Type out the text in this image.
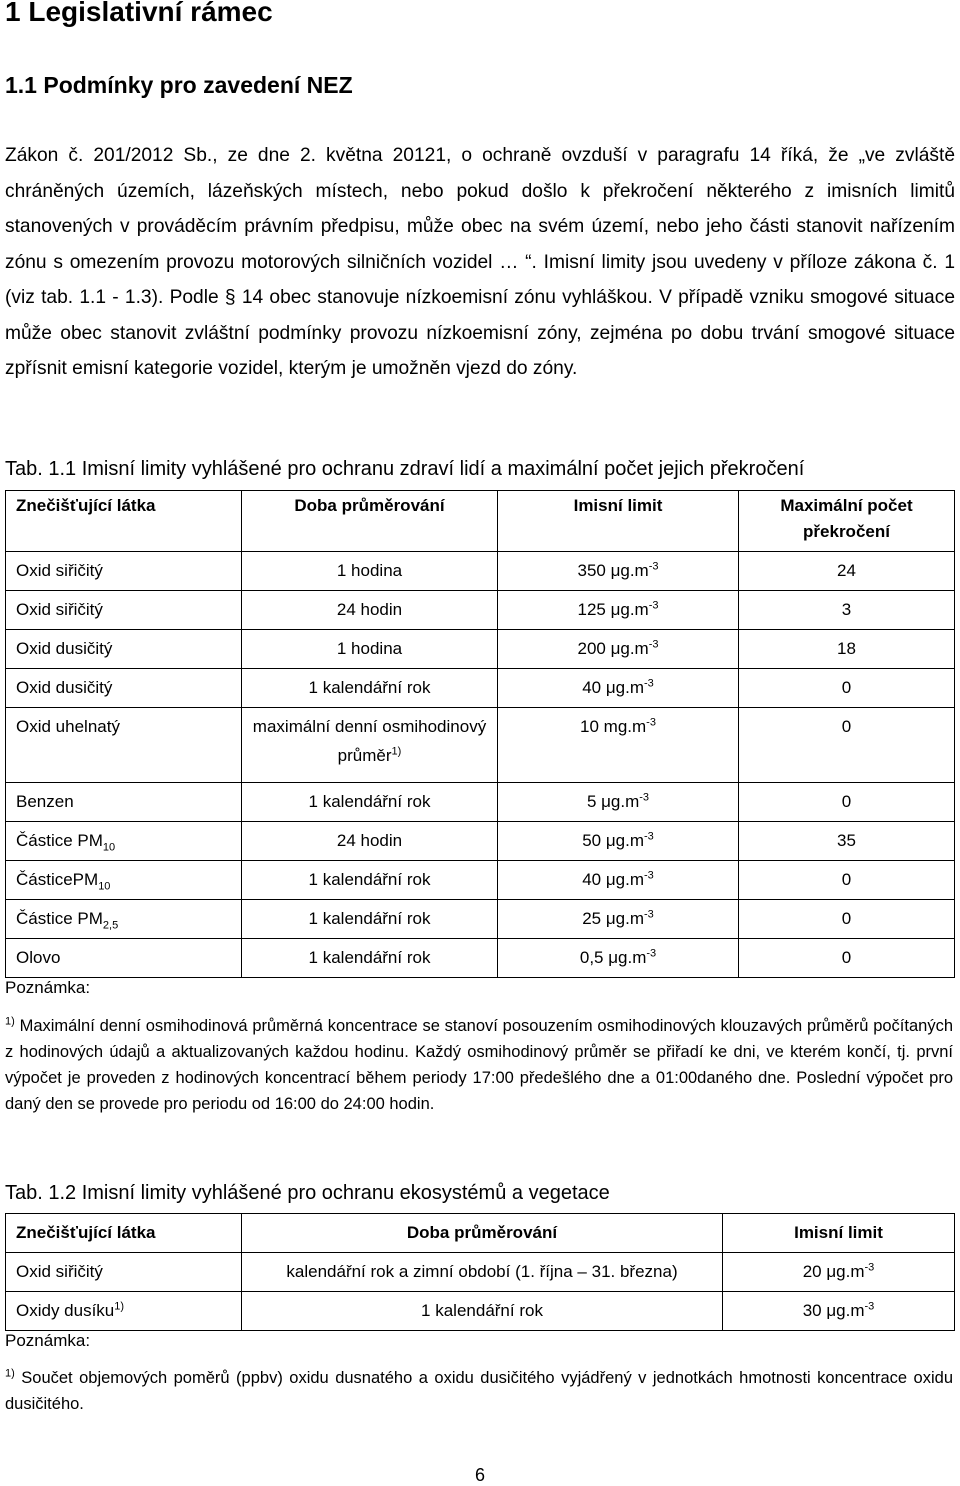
1 Legislativní rámec
1.1 Podmínky pro zavedení NEZ

Zákon č. 201/2012 Sb., ze dne 2. května 20121, o ochraně ovzduší v paragrafu 14 říká, že „ve zvláště chráněných územích, lázeňských místech, nebo pokud došlo k překročení některého z imisních limitů stanovených v prováděcím právním předpisu, může obec na svém území, nebo jeho části stanovit nařízením zónu s omezením provozu motorových silničních vozidel … “. Imisní limity jsou uvedeny v příloze zákona č. 1 (viz tab. 1.1 - 1.3). Podle § 14 obec stanovuje nízkoemisní zónu vyhláškou. V případě vzniku smogové situace může obec stanovit zvláštní podmínky provozu nízkoemisní zóny, zejména po dobu trvání smogové situace zpřísnit emisní kategorie vozidel, kterým je umožněn vjezd do zóny.

Tab. 1.1 Imisní limity vyhlášené pro ochranu zdraví lidí a maximální počet jejich překročení
Znečišťující látka	Doba průměrování	Imisní limit	Maximální počet překročení
Oxid siřičitý	1 hodina	350 $\mu g.m^{-3}$	24
Oxid siřičitý	24 hodin	125 $\mu g.m^{-3}$	3
Oxid dusičitý	1 hodina	200 $\mu g.m^{-3}$	18
Oxid dusičitý	1 kalendářní rok	40 $\mu g.m^{-3}$	0
Oxid uhelnatý	maximální denní osmihodinový průměr$^{1)}$	10 $mg.m^{-3}$	0
Benzen	1 kalendářní rok	5 $\mu g.m^{-3}$	0
Částice $PM_{10}$	24 hodin	50 $\mu g.m^{-3}$	35
ČásticePM$_{10}$	1 kalendářní rok	40 $\mu g.m^{-3}$	0
Částice $PM_{2,5}$	1 kalendářní rok	25 $\mu g.m^{-3}$	0
Olovo	1 kalendářní rok	0,5 $\mu g.m^{-3}$	0
Poznámka:
$^{1)}$ Maximální denní osmihodinová průměrná koncentrace se stanoví posouzením osmihodinových klouzavých průměrů počítaných z hodinových údajů a aktualizovaných každou hodinu. Každý osmihodinový průměr se přiřadí ke dni, ve kterém končí, tj. první výpočet je proveden z hodinových koncentrací během periody 17:00 předešlého dne a 01:00daného dne. Poslední výpočet pro daný den se provede pro periodu od 16:00 do 24:00 hodin.
Tab. 1.2 Imisní limity vyhlášené pro ochranu ekosystémů a vegetace
Znečišťující látka	Doba průměrování	Imisní limit
Oxid siřičitý	kalendářní rok a zimní období (1. října – 31. března)	20 $\mu g.m^{-3}$
Oxidy dusíku$^{1)}$	1 kalendářní rok	30 $\mu g.m^{-3}$
Poznámka:
$^{1)}$ Součet objemových poměrů (ppbv) oxidu dusnatého a oxidu dusičitého vyjádřený v jednotkách hmotnosti koncentrace oxidu dusičitého.
6
